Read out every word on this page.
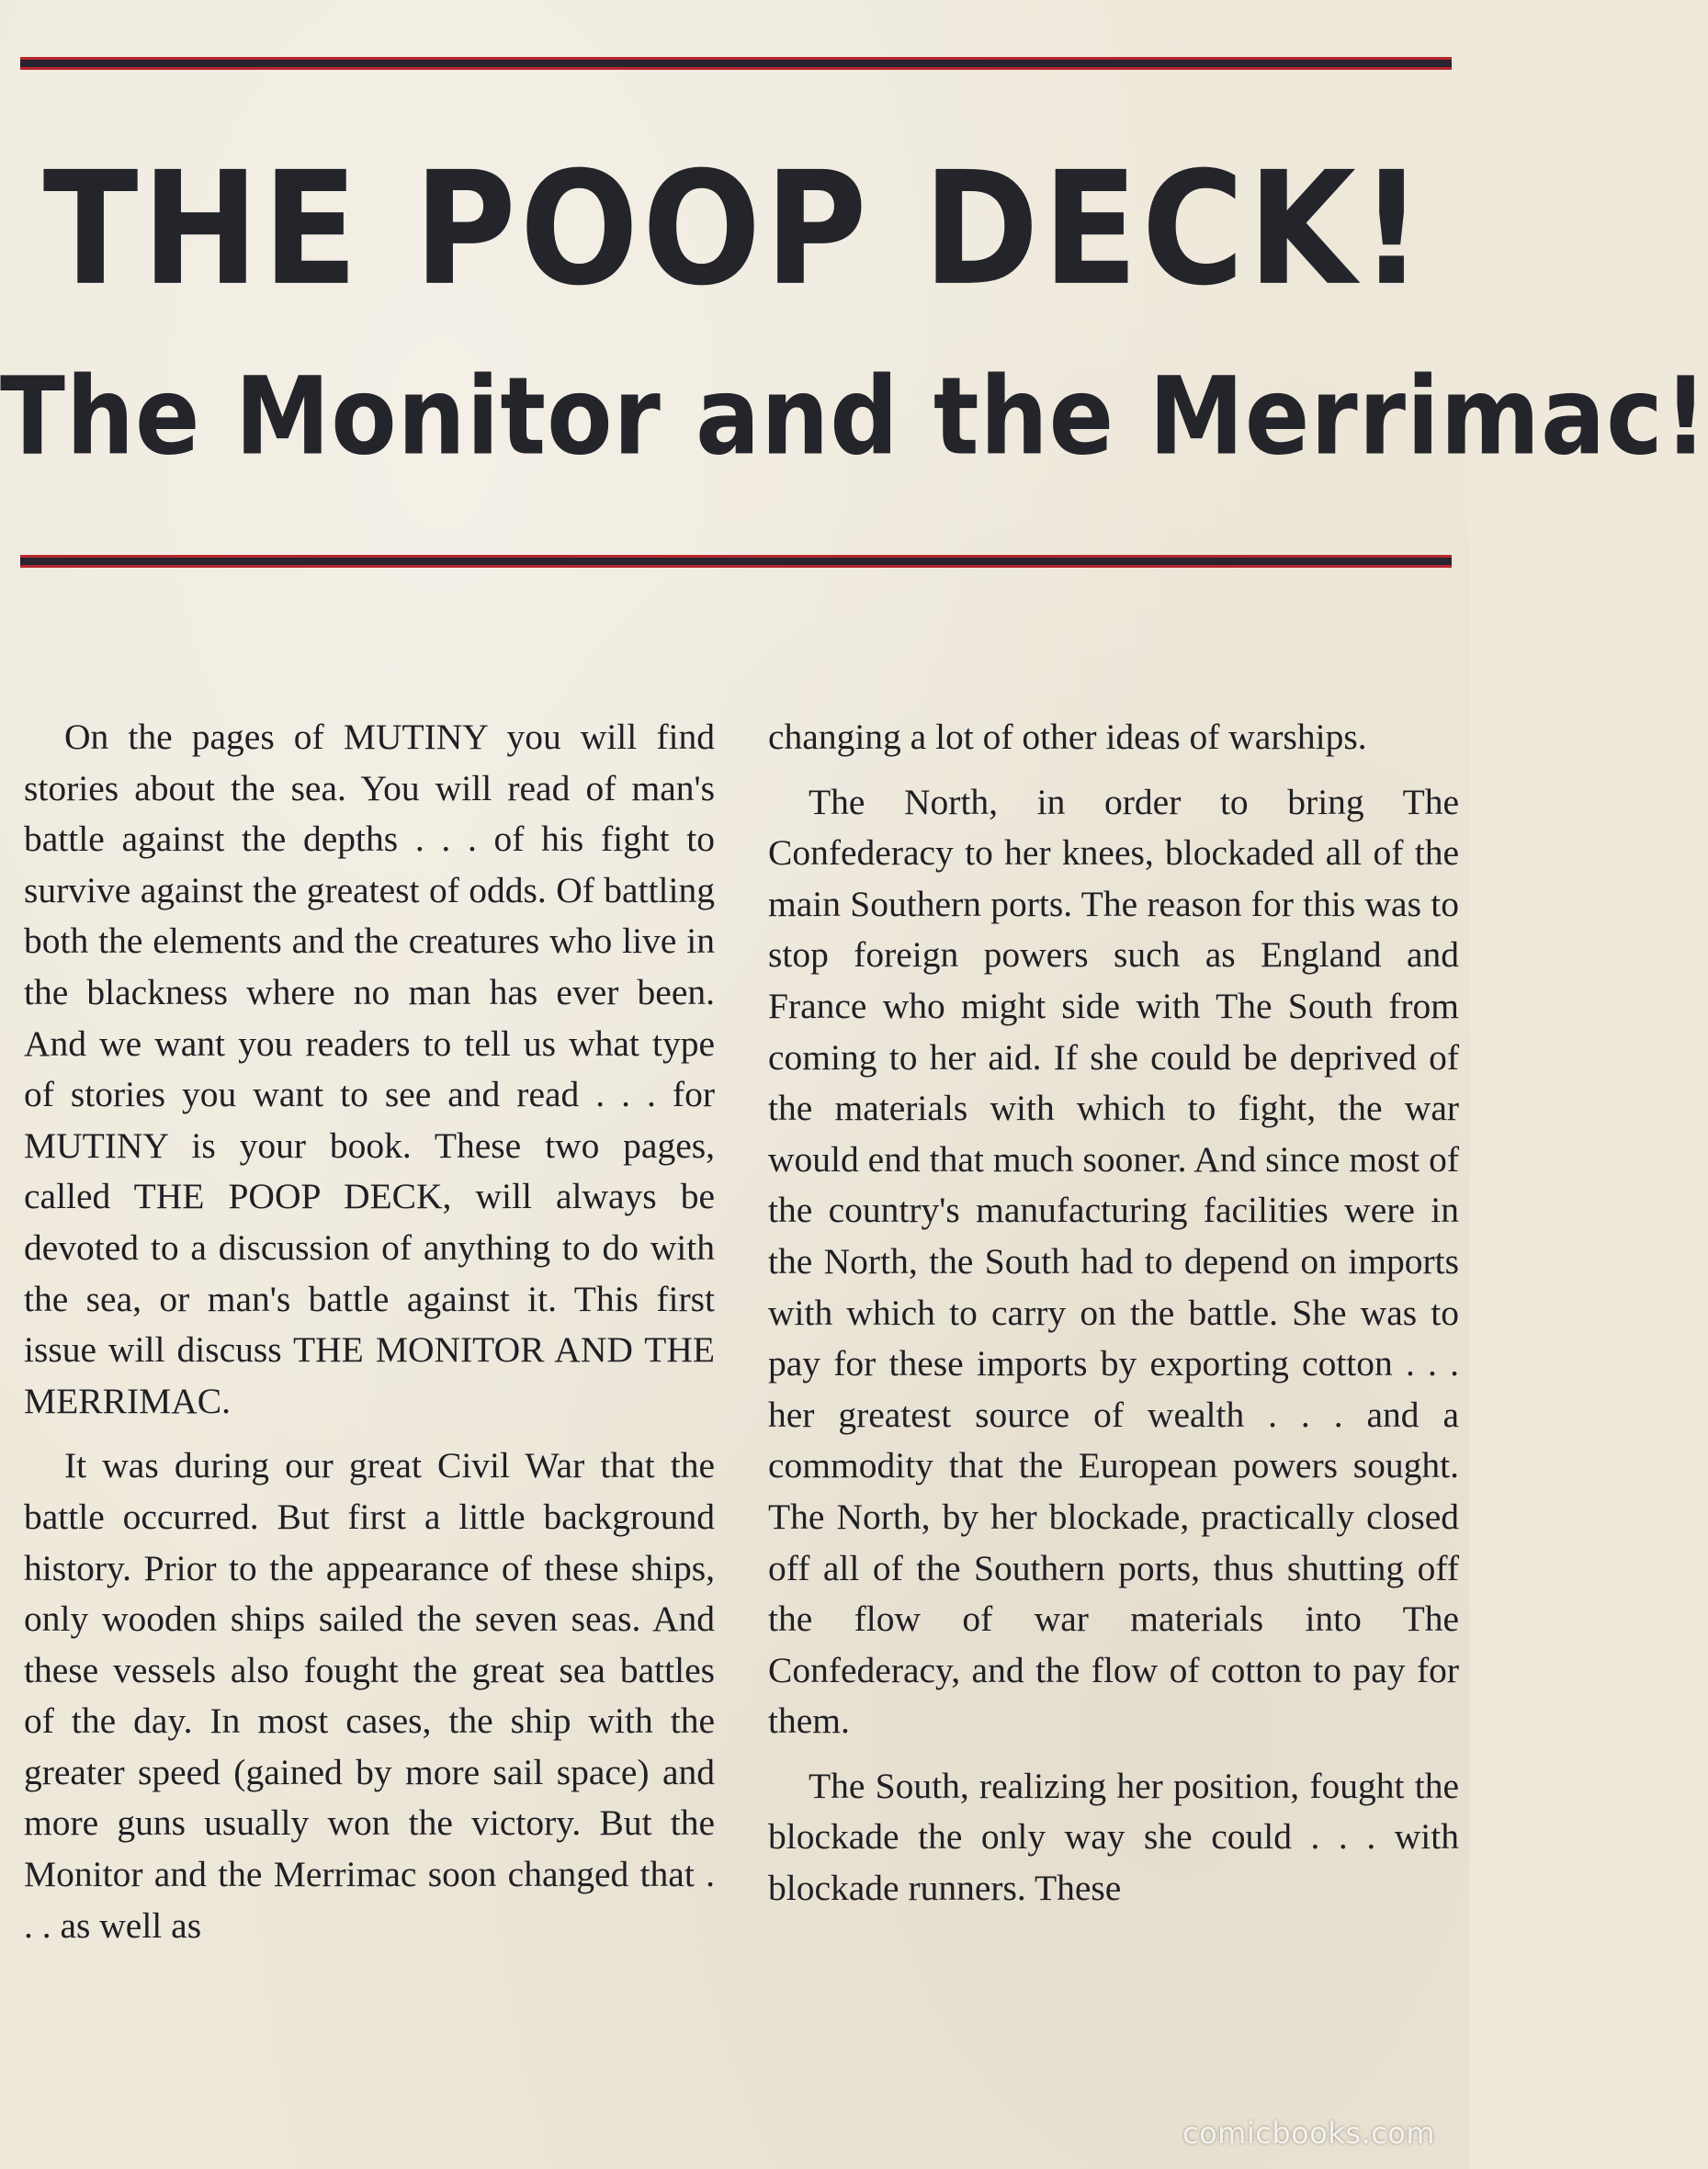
THE POOP DECK!
The Monitor and the Merrimac!

On the pages of MUTINY you will find stories about the sea. You will read of man's battle against the depths . . . of his fight to survive against the greatest of odds. Of battling both the elements and the creatures who live in the blackness where no man has ever been. And we want you readers to tell us what type of stories you want to see and read . . . for MUTINY is your book. These two pages, called THE POOP DECK, will always be devoted to a discussion of anything to do with the sea, or man's battle against it. This first issue will discuss THE MONITOR AND THE MERRIMAC.

It was during our great Civil War that the battle occurred. But first a little background history. Prior to the appearance of these ships, only wooden ships sailed the seven seas. And these vessels also fought the great sea battles of the day. In most cases, the ship with the greater speed (gained by more sail space) and more guns usually won the victory. But the Monitor and the Merrimac soon changed that . . . as well as

changing a lot of other ideas of warships.

The North, in order to bring The Confederacy to her knees, blockaded all of the main Southern ports. The reason for this was to stop foreign powers such as England and France who might side with The South from coming to her aid. If she could be deprived of the materials with which to fight, the war would end that much sooner. And since most of the country's manufacturing facilities were in the North, the South had to depend on imports with which to carry on the battle. She was to pay for these imports by exporting cotton . . . her greatest source of wealth . . . and a commodity that the European powers sought. The North, by her blockade, practically closed off all of the Southern ports, thus shutting off the flow of war materials into The Confederacy, and the flow of cotton to pay for them.

The South, realizing her position, fought the blockade the only way she could . . . with blockade runners. These

comicbooks.com
